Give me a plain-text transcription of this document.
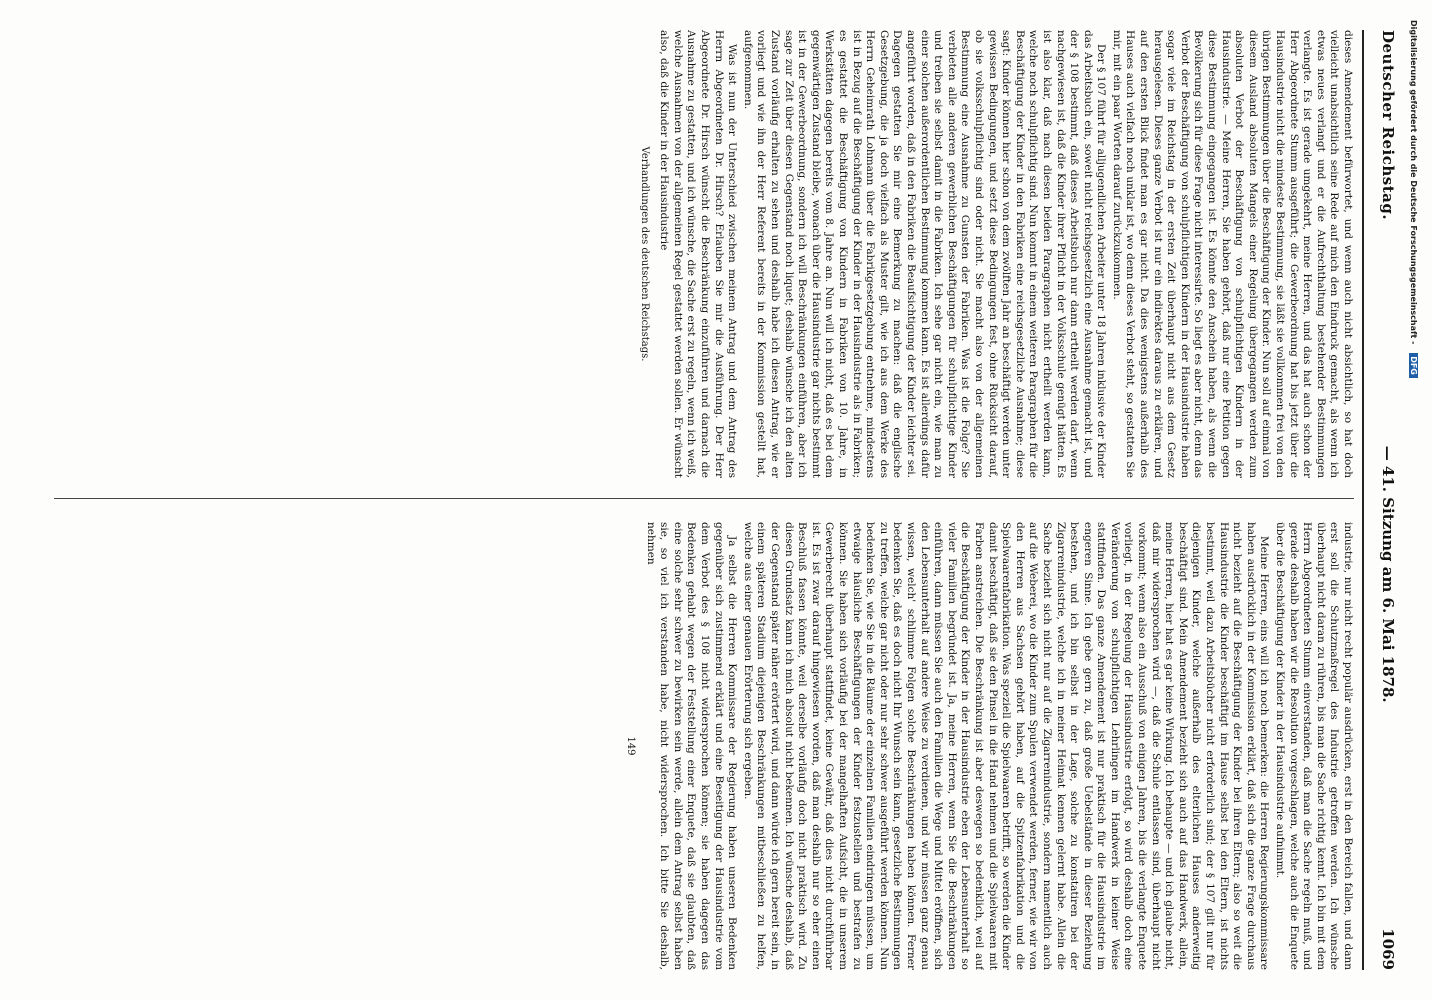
Deutscher Reichstag.
— 41. Sitzung am 6. Mai 1878.
1069

dieses Amendement befürwortet, und wenn auch nicht absichtlich, so hat doch vielleicht unabsichtlich seine Rede auf mich den Eindruck gemacht, als wenn ich etwas neues verlangt und er die Aufrechthaltung bestehender Bestimmungen verlangte. Es ist gerade umgekehrt, meine Herren, und das hat auch schon der Herr Abgeordnete Stumm ausgeführt; die Gewerbeordnung hat bis jetzt über die Hausindustrie nicht die mindeste Bestimmung, sie läßt sie vollkommen frei von den übrigen Bestimmungen über die Beschäftigung der Kinder. Nun soll auf einmal von diesem Ausland absoluten Mangels einer Regelung übergegangen werden zum absoluten Verbot der Beschäftigung von schulpflichtigen Kindern in der Hausindustrie. — Meine Herren, Sie haben gehört, daß nur eine Petition gegen diese Bestimmung eingegangen ist. Es könnte den Anschein haben, als wenn die Bevölkerung sich für diese Frage nicht interessirte. So liegt es aber nicht, denn das Verbot der Beschäftigung von schulpflichtigen Kindern in der Hausindustrie haben sogar viele im Reichstag in der ersten Zeit überhaupt nicht aus dem Gesetz herausgelesen. Dieses ganze Verbot ist nur ein indirektes daraus zu erklären, und auf den ersten Blick findet man es gar nicht. Da dies wenigstens außerhalb des Hauses auch vielfach noch unklar ist, wo denn dieses Verbot steht, so gestatten Sie mir, mit ein paar Worten darauf zurückzukommen.

Der § 107 führt für alljugendlichen Arbeiter unter 18 Jahren inklusive der Kinder das Arbeitsbuch ein, soweit nicht reichsgesetzlich eine Ausnahme gemacht ist, und der § 108 bestimmt, daß dieses Arbeitsbuch nur dann ertheilt werden darf, wenn nachgewiesen ist, daß die Kinder ihrer Pflicht in der Volksschule genügt hätten. Es ist also klar, daß nach diesen beiden Paragraphen nicht ertheilt werden kann, welche noch schulpflichtig sind. Nun kommt in einem weiteren Paragraphen für die Beschäftigung der Kinder in den Fabriken eine reichsgesetzliche Ausnahme; diese sagt: Kinder können hier schon von dem zwölften Jahr an beschäftigt werden unter gewissen Bedingungen, und setzt diese Bedingungen fest, ohne Rücksicht darauf, ob sie volksschulpflichtig sind oder nicht. Sie macht also von der allgemeinen Bestimmung eine Ausnahme zu Gunsten der Fabriken. Was ist die Folge? Sie verbieten alle anderen gewerblichen Beschäftigungen für schulpflichtige Kinder und treiben sie selbst damit in die Fabriken. Ich sehe gar nicht ein, wie man zu einer solchen außerordentlichen Bestimmung kommen kann. Es ist allerdings dafür angeführt worden, daß in den Fabriken die Beaufsichtigung der Kinder leichter sei. Dagegen gestatten Sie mir eine Bemerkung zu machen: daß die englische Gesetzgebung, die ja doch vielfach als Muster gilt, wie ich aus dem Werke des Herrn Geheimrath Lohmann über die Fabrikgesetzgebung entnehme, mindestens ist in Bezug auf die Beschäftigung der Kinder in der Hausindustrie als in Fabriken; es gestattet die Beschäftigung von Kindern in Fabriken von 10. Jahre, in Werkstätten dagegen bereits vom 8. Jahre an. Nun will ich nicht, daß es bei dem gegenwärtigen Zustand bleibe, wonach über die Hausindustrie gar nichts bestimmt ist in der Gewerbeordnung, sondern ich will Beschränkungen einführen, aber ich sage zur Zeit über diesen Gegenstand noch liquet; deshalb wünsche ich den alten Zustand vorläufig erhalten zu sehen und deshalb habe ich diesen Antrag, wie er vorliegt und wie ihn der Herr Referent bereits in der Kommission gestellt hat, aufgenommen.

Was ist nun der Unterschied zwischen meinem Antrag und dem Antrag des Herrn Abgeordneten Dr. Hirsch? Erlauben Sie mir die Ausführung. Der Herr Abgeordnete Dr. Hirsch wünscht die Beschränkung einzuführen und darnach die Ausnahme zu gestatten, und ich wünsche, die Sache erst zu regeln, wenn ich weiß, welche Ausnahmen von der allgemeinen Regel gestattet werden sollen. Er wünscht also, daß die Kinder in der Hausindustrie

Verhandlungen des deutschen Reichstags.

industrie, nur nicht recht populär ausdrücken, erst in den Bereich fallen, und dann erst soll die Schutzmaßregel des Industrie getroffen werden. Ich wünsche überhaupt nicht daran zu rühren, bis man die Sache richtig kennt. Ich bin mit dem Herrn Abgeordneten Stumm einverstanden, daß man die Sache regeln muß, und gerade deshalb haben wir die Resolution vorgeschlagen, welche auch die Enquete über die Beschäftigung der Kinder in der Hausindustrie aufnimmt.

Meine Herren, eins will ich noch bemerken: die Herren Regierungskommissare haben ausdrücklich in der Kommission erklärt, daß sich die ganze Frage durchaus nicht bezieht auf die Beschäftigung der Kinder bei ihren Eltern; also so weit die Hausindustrie die Kinder beschäftigt im Hause selbst bei den Eltern, ist nichts bestimmt, weil dazu Arbeitsbücher nicht erforderlich sind; der § 107 gilt nur für diejenigen Kinder, welche außerhalb des elterlichen Hauses anderweitig beschäftigt sind. Mein Amendement bezieht sich auch auf das Handwerk, allein, meine Herren, hier hat es gar keine Wirkung. Ich behaupte — und ich glaube nicht, daß mir widersprochen wird —, daß die Schule entlassen sind, überhaupt nicht vorkommt; wenn also ein Ausschuß von einigen Jahren, bis die verlangte Enquete vorliegt, in der Regelung der Hausindustrie erfolgt, so wird deshalb doch eine Veränderung von schulpflichtigen Lehrlingen im Handwerk in keiner Weise stattfinden. Das ganze Amendement ist nur praktisch für die Hausindustrie im engeren Sinne. Ich gebe gern zu, daß große Uebelstände in dieser Beziehung bestehen, und ich bin selbst in der Lage, solche zu konstatiren bei der Zigarrenindustrie, welche ich in meiner Heimat kennen gelernt habe. Allein die Sache bezieht sich nicht nur auf die Zigarrenindustrie, sondern namentlich auch auf die Weberei, wo die Kinder zum Spulen verwendet werden, ferner, wie wir von den Herren aus Sachsen gehört haben, auf die Spitzenfabrikation und die Spielwaarenfabrikation. Was speziell die Spielwaaren betrifft, so werden die Kinder damit beschäftigt, daß sie den Pinsel in die Hand nehmen und die Spielwaaren mit Farben anstreichen. Die Beschränkung ist aber deswegen so bedenklich, weil auf die Beschäftigung der Kinder in der Hausindustrie eben der Lebensunterhalt so vieler Familien begründet ist. Ja, meine Herren, wenn Sie die Beschränkungen einführen, dann müssen Sie auch den Familien die Wege und Mittel eröffnen, sich den Lebensunterhalt auf andere Weise zu verdienen, und wir müssen ganz genau wissen, welch' schlimme Folgen solche Beschränkungen haben können. Ferner bedenken Sie, daß es doch nicht Ihr Wunsch sein kann, gesetzliche Bestimmungen zu treffen, welche gar nicht oder nur sehr schwer ausgeführt werden können. Nun bedenken Sie, wie Sie in die Räume der einzelnen Familien eindringen müssen, um etwaige häusliche Beschäftigungen der Kinder festzustellen und bestrafen zu können. Sie haben sich vorläufig bei der mangelhaften Aufsicht, die in unserem Gewerberecht überhaupt stattfindet, keine Gewähr, daß dies nicht durchführbar ist. Es ist zwar darauf hingewiesen worden, daß man deshalb nur so eher einen Beschluß fassen könnte, weil derselbe vorläufig doch nicht praktisch wird. Zu diesen Grundsatz kann ich mich absolut nicht bekennen. Ich wünsche deshalb, daß der Gegenstand später näher erörtert wird, und dann würde ich gern bereit sein, in einem späteren Stadium diejenigen Beschränkungen mitbeschließen zu helfen, welche aus einer genauen Erörterung sich ergeben.

Ja selbst die Herren Kommissare der Regierung haben unseren Bedenken gegenüber sich zustimmend erklärt und eine Beseitigung der Hausindustrie vom dem Verbot des § 108 nicht widersprochen können; sie haben dagegen das Bedenken gehabt wegen der Feststellung einer Enquete, daß sie glaubten, daß eine solche sehr schwer zu bewirken sein werde, allein dem Antrag selbst haben sie, so viel ich verstanden habe, nicht widersprochen. Ich bitte Sie deshalb, nehmen

149
Digitalisierung gefördert durch die Deutsche Forschungsgemeinschaft - DFG
